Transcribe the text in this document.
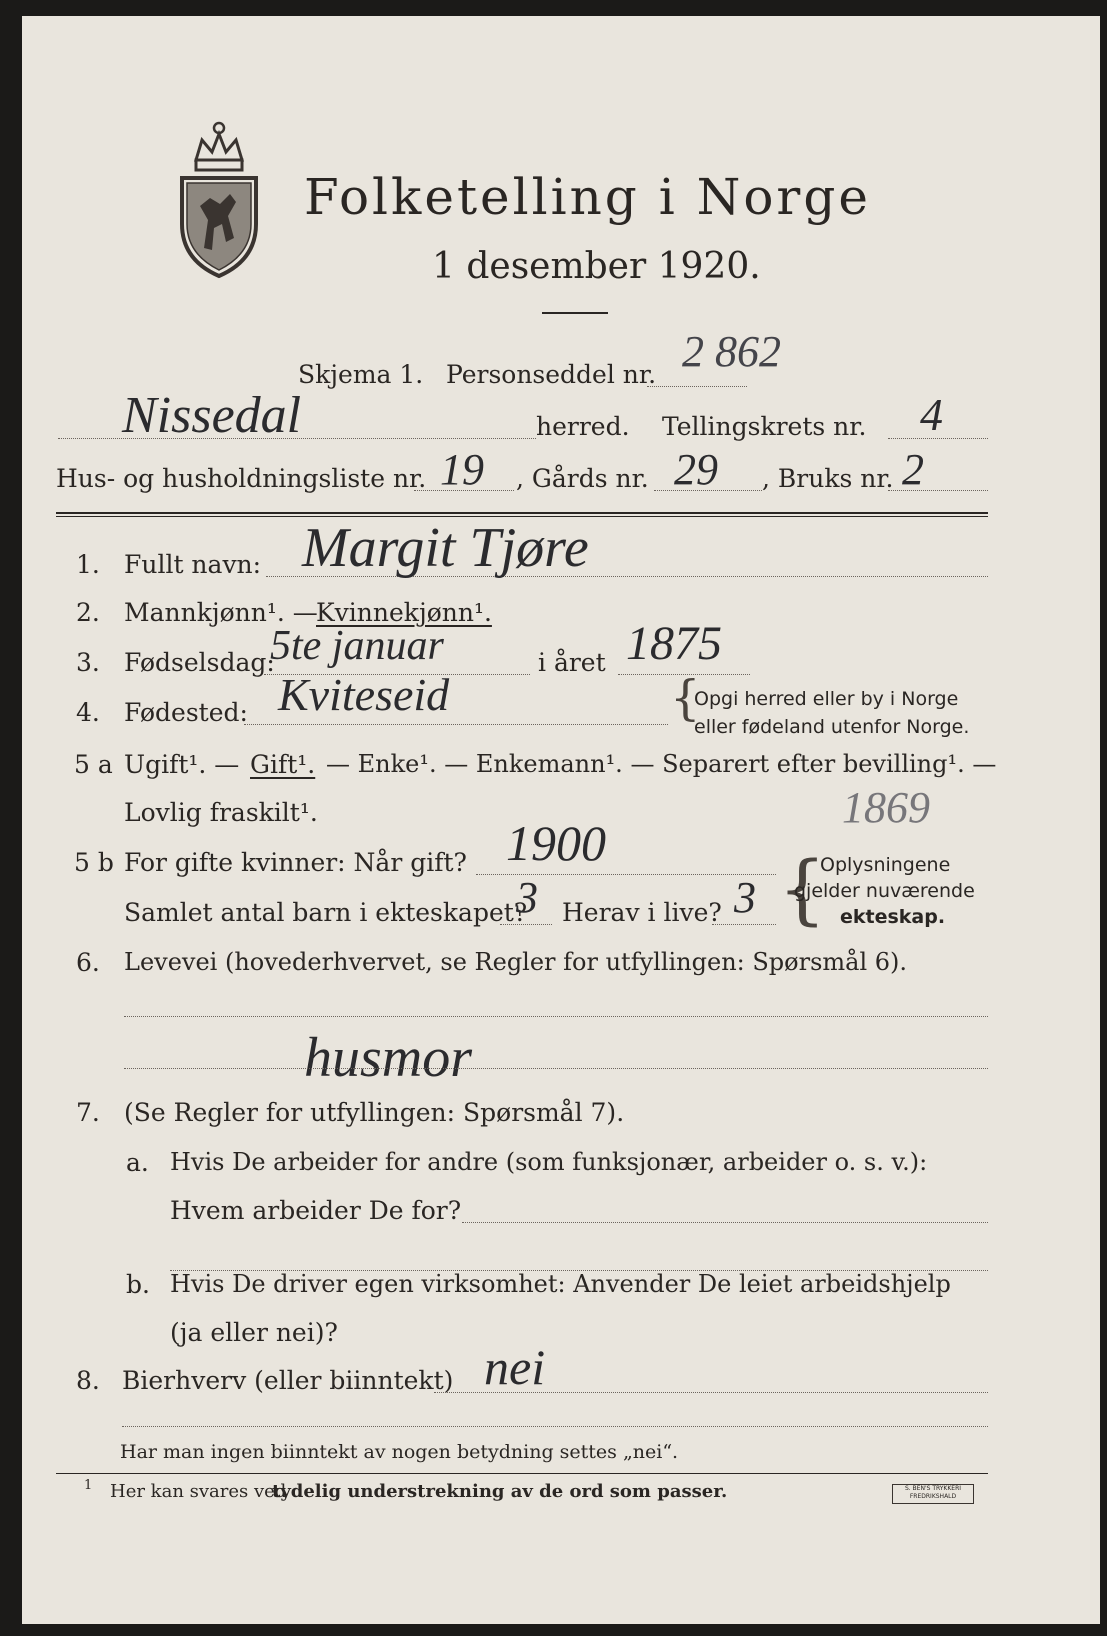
Folketelling i Norge
1 desember 1920.
Skjema 1. Personseddel nr. 2 862
Nissedal	herred. Tellingskrets nr. 4
Hus- og husholdningsliste nr. 19 , Gårds nr. 29 , Bruks nr. 2
1. Fullt navn: Margit Tjøre
2. Mannkjønn¹. —
Kvinnekjønn¹.
3. Fødselsdag:
5te januar	i året 1875
4. Fødested: Kviteseid	{
Opgi herred eller by i Norge
eller fødeland utenfor Norge.
5 a Ugift¹. — Gift¹. — Enke¹. — Enkemann¹. — Separert efter bevilling¹. —
Lovlig fraskilt¹.	1869
5 b For gifte kvinner: Når gift? 1900
Samlet antal barn i ekteskapet?
3 Herav i live? 3 {
Oplysningene
gjelder nuværende
ekteskap.
6. Levevei (hovederhvervet, se Regler for utfyllingen: Spørsmål 6).
husmor
7. (Se Regler for utfyllingen: Spørsmål 7).
a. Hvis De arbeider for andre (som funksjonær, arbeider o. s. v.):
Hvem arbeider De for?
b. Hvis De driver egen virksomhet: Anvender De leiet arbeidshjelp
(ja eller nei)?
8. Bierhverv (eller biinntekt) nei
Har man ingen biinntekt av nogen betydning settes „nei“.
1 Her kan svares ved
tydelig understrekning av de ord som passer.	S. BEN'S TRYKKERI
FREDRIKSHALD
